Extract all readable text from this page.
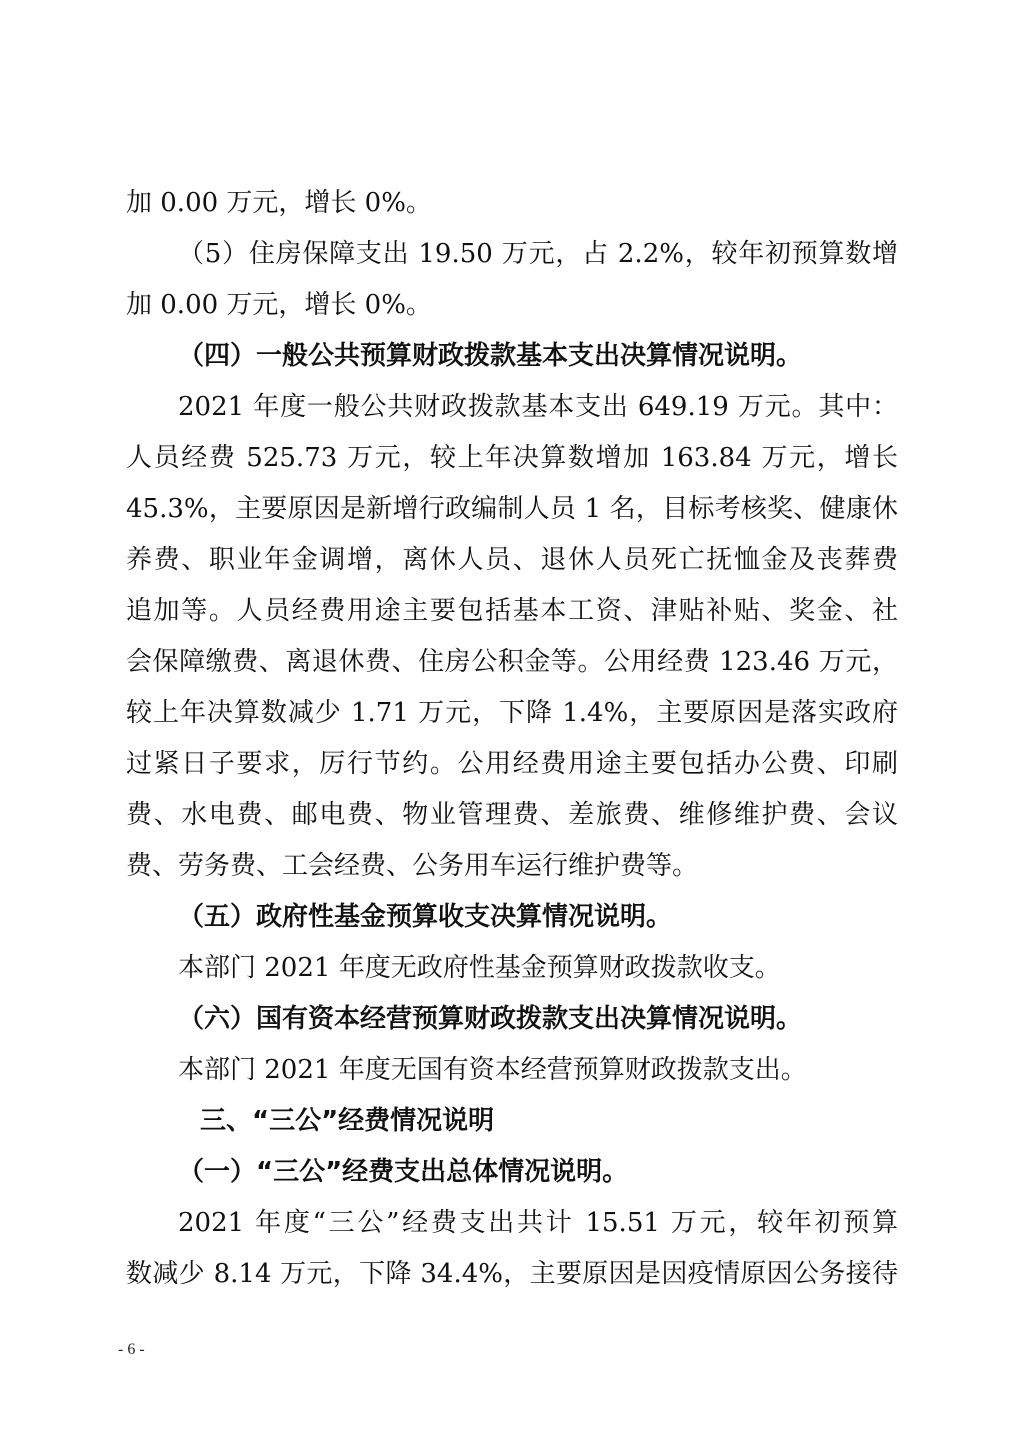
加 0.00 万元，增长 0%。
（5）住房保障支出 19.50 万元，占 2.2%，较年初预算数增
加 0.00 万元，增长 0%。
（四）一般公共预算财政拨款基本支出决算情况说明。
2021 年度一般公共财政拨款基本支出 649.19 万元。其中：
人员经费 525.73 万元，较上年决算数增加 163.84 万元，增长
45.3%，主要原因是新增行政编制人员 1 名，目标考核奖、健康休
养费、职业年金调增，离休人员、退休人员死亡抚恤金及丧葬费
追加等。人员经费用途主要包括基本工资、津贴补贴、奖金、社
会保障缴费、离退休费、住房公积金等。公用经费 123.46 万元，
较上年决算数减少 1.71 万元，下降 1.4%，主要原因是落实政府
过紧日子要求，厉行节约。公用经费用途主要包括办公费、印刷
费、水电费、邮电费、物业管理费、差旅费、维修维护费、会议
费、劳务费、工会经费、公务用车运行维护费等。
（五）政府性基金预算收支决算情况说明。
本部门 2021 年度无政府性基金预算财政拨款收支。
（六）国有资本经营预算财政拨款支出决算情况说明。
本部门 2021 年度无国有资本经营预算财政拨款支出。
三、“三公”经费情况说明
（一）“三公”经费支出总体情况说明。
2021 年度“三公”经费支出共计 15.51 万元，较年初预算
数减少 8.14 万元，下降 34.4%，主要原因是因疫情原因公务接待
- 6 -
